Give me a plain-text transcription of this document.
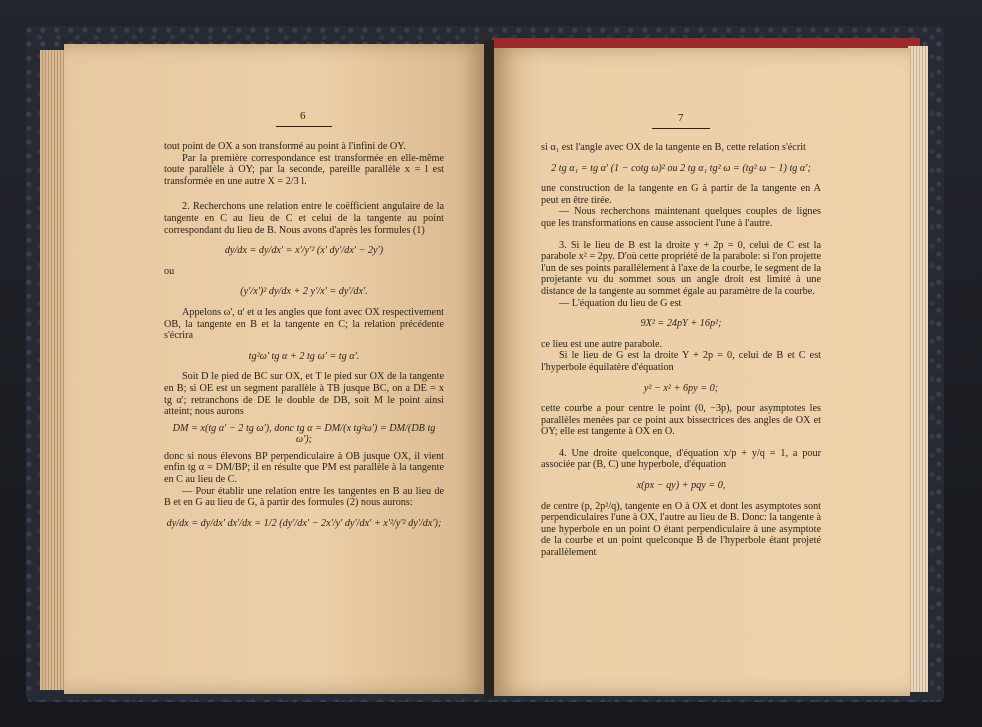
6

tout point de OX a son transformé au point à l'infini de OY.

Par la première correspondance est transformée en elle-même toute parallèle à OY; par la seconde, pareille parallèle x = l est transformée en une autre X = 2/3 l.

2. Recherchons une relation entre le coëfficient angulaire de la tangente en C au lieu de C et celui de la tangente au point correspondant du lieu de B. Nous avons d'après les formules (1)

dy/dx = dy/dx' = x'/y'² (x' dy'/dx' − 2y')

ou

(y'/x')² dy/dx + 2 y'/x' = dy'/dx'.

Appelons ω', α' et α les angles que font avec OX respectivement OB, la tangente en B et la tangente en C; la relation précédente s'écrira

tg²ω' tg α + 2 tg ω' = tg α'.

Soit D le pied de BC sur OX, et T le pied sur OX de la tangente en B; si OE est un segment parallèle à TB jusque BC, on a DE = x tg α'; retranchons de DE le double de DB, soit M le point ainsi atteint; nous aurons

DM = x(tg α' − 2 tg ω'), donc tg α = DM/(x tg²ω') = DM/(DB tg ω');

donc si nous élevons BP perpendiculaire à OB jusque OX, il vient enfin tg α = DM/BP; il en résulte que PM est parallèle à la tangente en C au lieu de C.

— Pour établir une relation entre les tangentes en B au lieu de B et en G au lieu de G, à partir des formules (2) nous aurons:

dy/dx = dy/dx' dx'/dx = 1/2 (dy'/dx' − 2x'/y' dy'/dx' + x'²/y'² dy'/dx');

7

si α₁ est l'angle avec OX de la tangente en B, cette relation s'écrit

2 tg α₁ = tg α' (1 − cotg ω)² ou 2 tg α₁ tg² ω = (tg² ω − 1) tg α';

une construction de la tangente en G à partir de la tangente en A peut en être tirée.

— Nous recherchons maintenant quelques couples de lignes que les transformations en cause associent l'une à l'autre.

3. Si le lieu de B est la droite y + 2p = 0, celui de C est la parabole x² = 2py. D'où cette propriété de la parabole: si l'on projette l'un de ses points parallèlement à l'axe de la courbe, le segment de la projetante vu du sommet sous un angle droit est limité à une distance de la tangente au sommet égale au paramètre de la courbe.

— L'équation du lieu de G est

9X² = 24pY + 16p²;

ce lieu est une autre parabole.

Si le lieu de G est la droite Y + 2p = 0, celui de B et C est l'hyperbole équilatère d'équation

y² − x² + 6py = 0;

cette courbe a pour centre le point (0, −3p), pour asymptotes les parallèles menées par ce point aux bissectrices des angles de OX et OY; elle est tangente à OX en O.

4. Une droite quelconque, d'équation x/p + y/q = 1, a pour associée par (B, C) une hyperbole, d'équation

x(px − qy) + pqy = 0,

de centre (p, 2p²/q), tangente en O à OX et dont les asymptotes sont perpendiculaires l'une à OX, l'autre au lieu de B. Donc: la tangente à une hyperbole en un point O étant perpendiculaire à une asymptote de la courbe et un point quelconque B de l'hyperbole étant projeté parallèlement
